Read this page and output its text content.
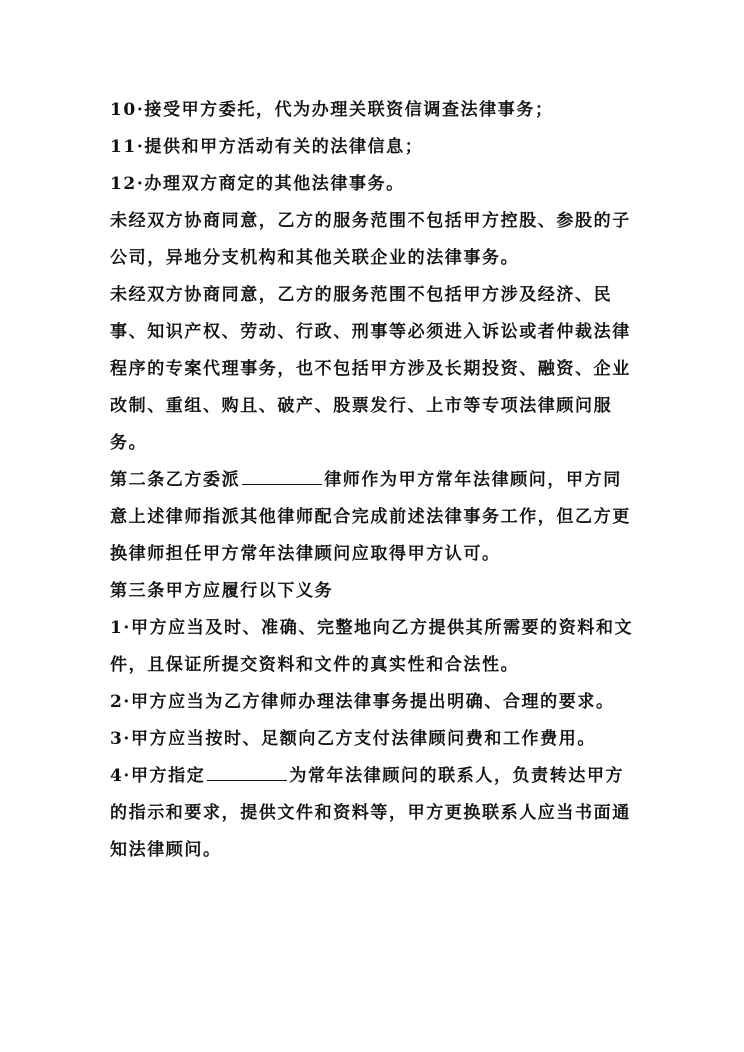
10·接受甲方委托，代为办理关联资信调查法律事务；

11·提供和甲方活动有关的法律信息；

12·办理双方商定的其他法律事务。

未经双方协商同意，乙方的服务范围不包括甲方控股、参股的子公司，异地分支机构和其他关联企业的法律事务。

未经双方协商同意，乙方的服务范围不包括甲方涉及经济、民事、知识产权、劳动、行政、刑事等必须进入诉讼或者仲裁法律程序的专案代理事务，也不包括甲方涉及长期投资、融资、企业改制、重组、购且、破产、股票发行、上市等专项法律顾问服务。

第二条乙方委派	律师作为甲方常年法律顾问，甲方同意上述律师指派其他律师配合完成前述法律事务工作，但乙方更换律师担任甲方常年法律顾问应取得甲方认可。

第三条甲方应履行以下义务

1·甲方应当及时、准确、完整地向乙方提供其所需要的资料和文件，且保证所提交资料和文件的真实性和合法性。

2·甲方应当为乙方律师办理法律事务提出明确、合理的要求。

3·甲方应当按时、足额向乙方支付法律顾问费和工作费用。

4·甲方指定	为常年法律顾问的联系人，负责转达甲方的指示和要求，提供文件和资料等，甲方更换联系人应当书面通知法律顾问。
